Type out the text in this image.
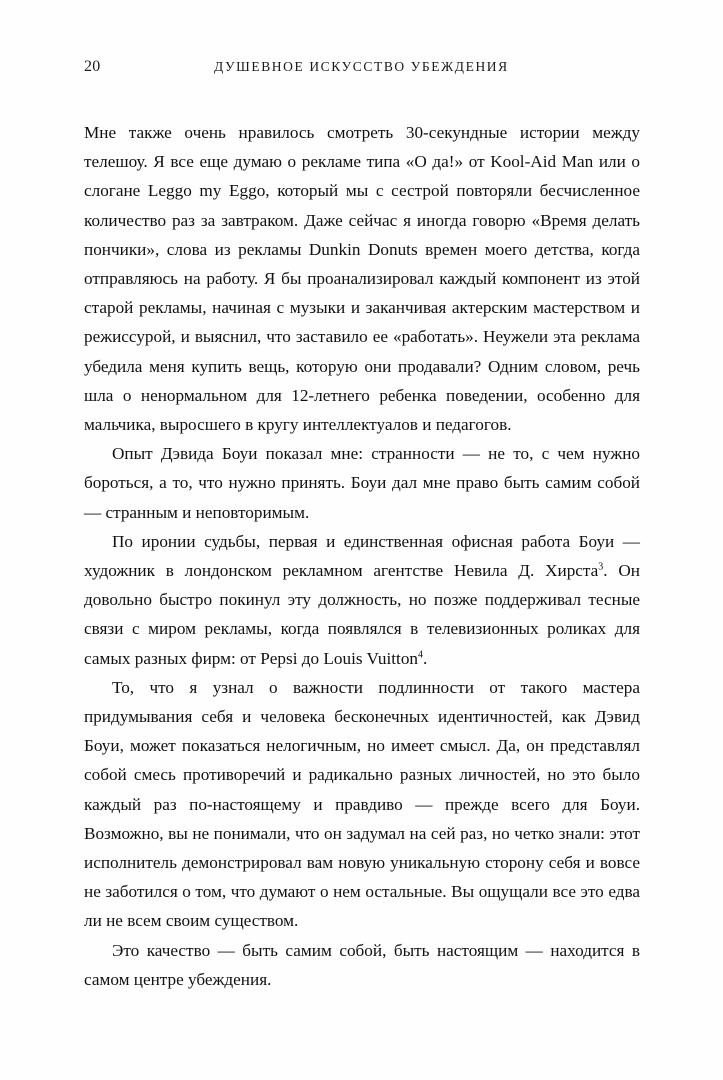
20	ДУШЕВНОЕ ИСКУССТВО УБЕЖДЕНИЯ

Мне также очень нравилось смотреть 30-секундные истории между телешоу. Я все еще думаю о рекламе типа «О да!» от Kool-Aid Man или о слогане Leggo my Eggo, который мы с сестрой повторяли бесчисленное количество раз за завтраком. Даже сейчас я иногда говорю «Время делать пончики», слова из рекламы Dunkin Donuts времен моего детства, когда отправляюсь на работу. Я бы проанализировал каждый компонент из этой старой рекламы, начиная с музыки и заканчивая актерским мастерством и режиссурой, и выяснил, что заставило ее «работать». Неужели эта реклама убедила меня купить вещь, которую они продавали? Одним словом, речь шла о ненормальном для 12-летнего ребенка поведении, особенно для мальчика, выросшего в кругу интеллектуалов и педагогов.

Опыт Дэвида Боуи показал мне: странности — не то, с чем нужно бороться, а то, что нужно принять. Боуи дал мне право быть самим собой — странным и неповторимым.

По иронии судьбы, первая и единственная офисная работа Боуи — художник в лондонском рекламном агентстве Невила Д. Хирста$^3$. Он довольно быстро покинул эту должность, но позже поддерживал тесные связи с миром рекламы, когда появлялся в телевизионных роликах для самых разных фирм: от Pepsi до Louis Vuitton$^4$.

То, что я узнал о важности подлинности от такого мастера придумывания себя и человека бесконечных идентичностей, как Дэвид Боуи, может показаться нелогичным, но имеет смысл. Да, он представлял собой смесь противоречий и радикально разных личностей, но это было каждый раз по-настоящему и правдиво — прежде всего для Боуи. Возможно, вы не понимали, что он задумал на сей раз, но четко знали: этот исполнитель демонстрировал вам новую уникальную сторону себя и вовсе не заботился о том, что думают о нем остальные. Вы ощущали все это едва ли не всем своим существом.

Это качество — быть самим собой, быть настоящим — находится в самом центре убеждения.
